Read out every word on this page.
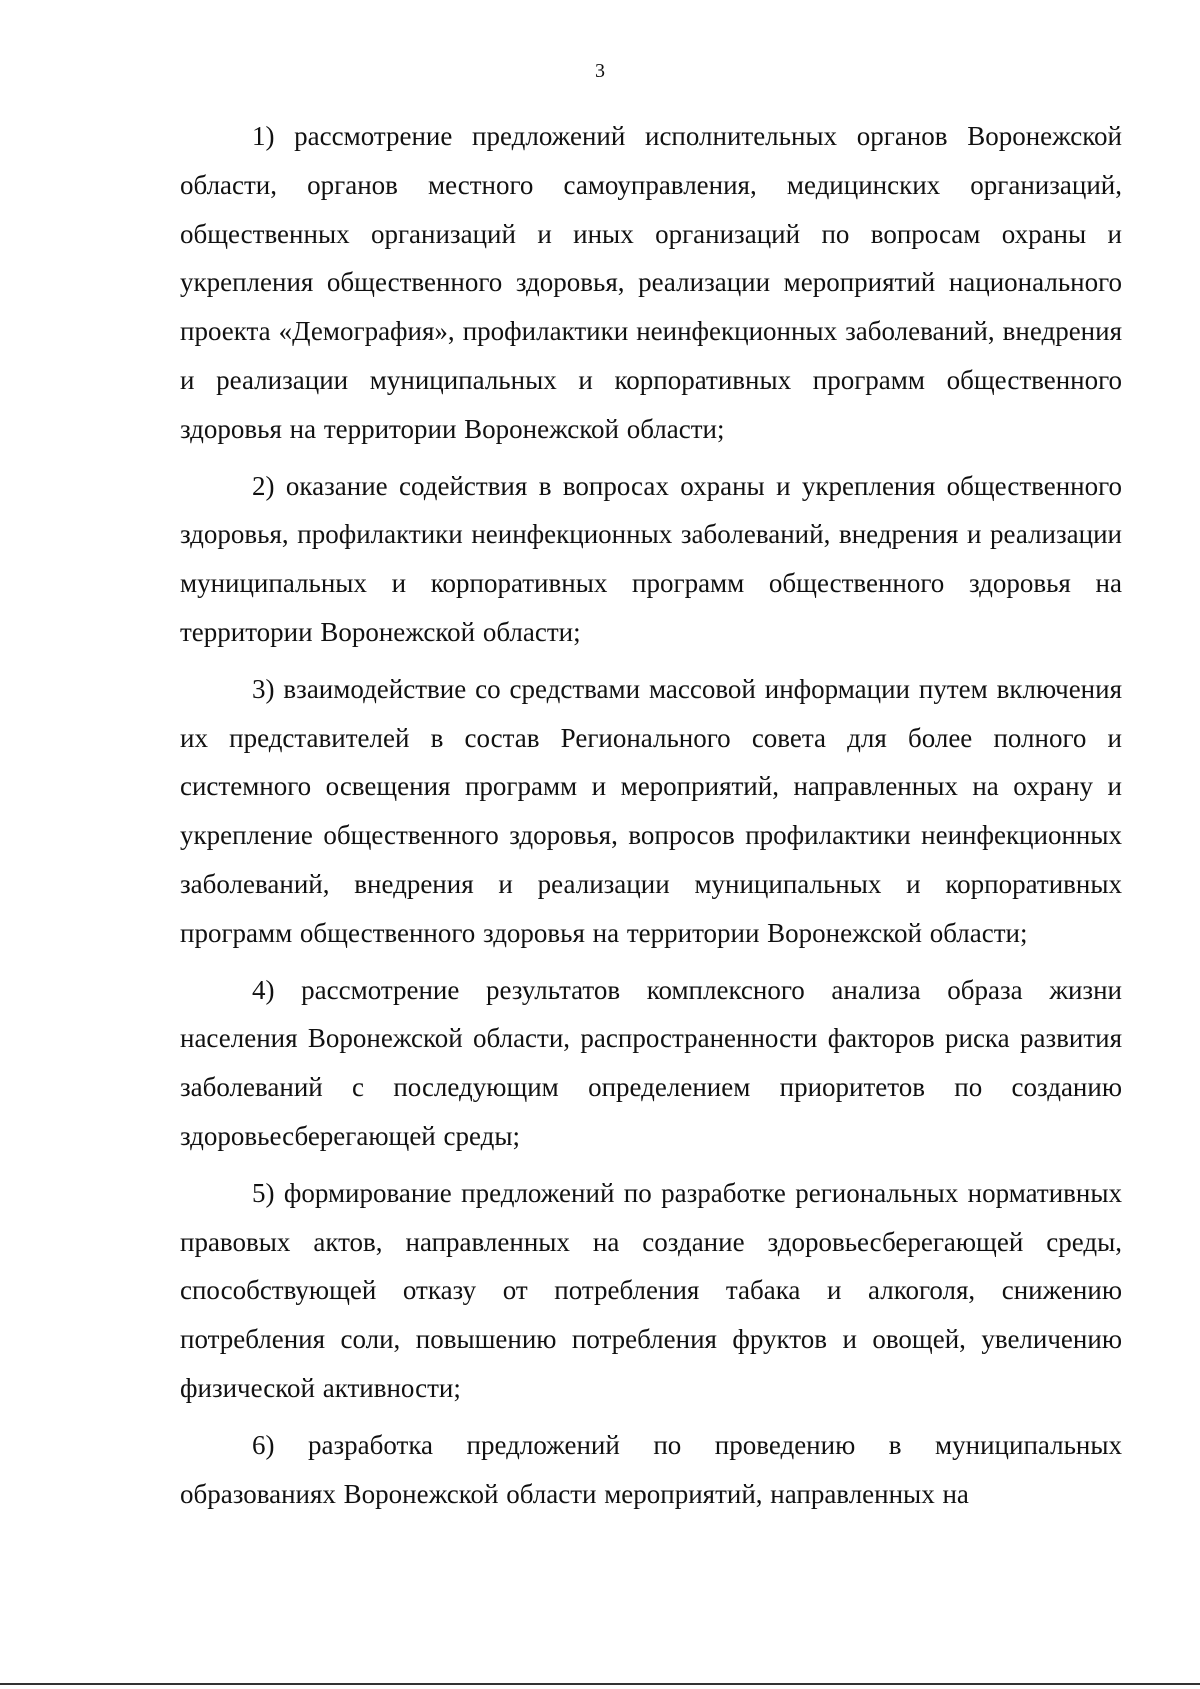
3

1) рассмотрение предложений исполнительных органов Воронежской области, органов местного самоуправления, медицинских организаций, общественных организаций и иных организаций по вопросам охраны и укрепления общественного здоровья, реализации мероприятий национального проекта «Демография», профилактики неинфекционных заболеваний, внедрения и реализации муниципальных и корпоративных программ общественного здоровья на территории Воронежской области;

2) оказание содействия в вопросах охраны и укрепления общественного здоровья, профилактики неинфекционных заболеваний, внедрения и реализации муниципальных и корпоративных программ общественного здоровья на территории Воронежской области;

3) взаимодействие со средствами массовой информации путем включения их представителей в состав Регионального совета для более полного и системного освещения программ и мероприятий, направленных на охрану и укрепление общественного здоровья, вопросов профилактики неинфекционных заболеваний, внедрения и реализации муниципальных и корпоративных программ общественного здоровья на территории Воронежской области;

4) рассмотрение результатов комплексного анализа образа жизни населения Воронежской области, распространенности факторов риска развития заболеваний с последующим определением приоритетов по созданию здоровьесберегающей среды;

5) формирование предложений по разработке региональных нормативных правовых актов, направленных на создание здоровьесберегающей среды, способствующей отказу от потребления табака и алкоголя, снижению потребления соли, повышению потребления фруктов и овощей, увеличению физической активности;

6) разработка предложений по проведению в муниципальных образованиях Воронежской области мероприятий, направленных на
